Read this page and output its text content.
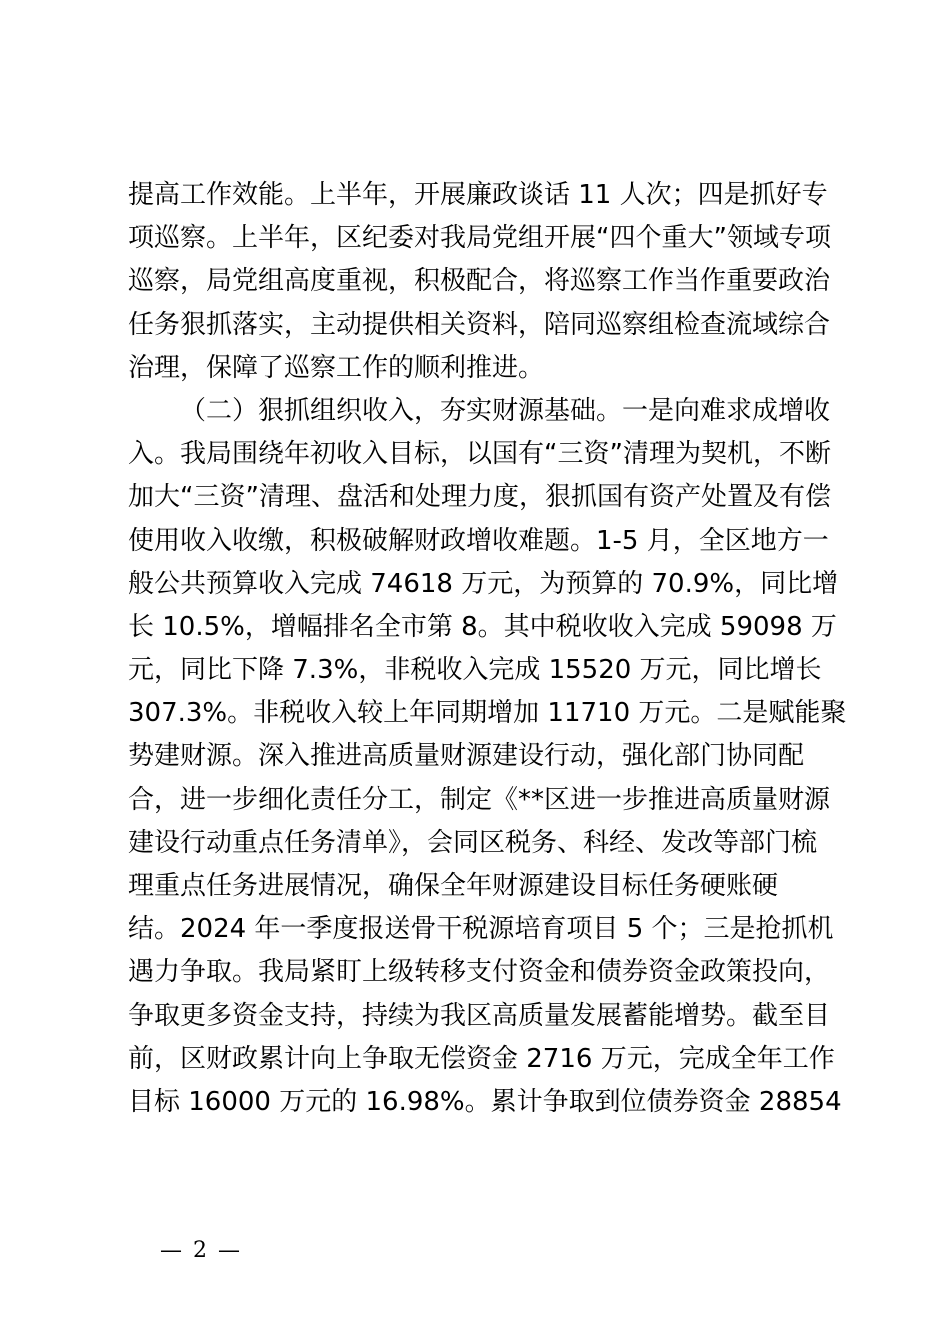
提高工作效能。上半年，开展廉政谈话 11 人次；四是抓好专
项巡察。上半年，区纪委对我局党组开展“四个重大”领域专项
巡察，局党组高度重视，积极配合，将巡察工作当作重要政治
任务狠抓落实，主动提供相关资料，陪同巡察组检查流域综合
治理，保障了巡察工作的顺利推进。
（二）狠抓组织收入，夯实财源基础。一是向难求成增收
入。我局围绕年初收入目标，以国有“三资”清理为契机，不断
加大“三资”清理、盘活和处理力度，狠抓国有资产处置及有偿
使用收入收缴，积极破解财政增收难题。1-5 月，全区地方一
般公共预算收入完成 74618 万元，为预算的 70.9%，同比增
长 10.5%，增幅排名全市第 8。其中税收收入完成 59098 万
元，同比下降 7.3%，非税收入完成 15520 万元，同比增长
307.3%。非税收入较上年同期增加 11710 万元。二是赋能聚
势建财源。深入推进高质量财源建设行动，强化部门协同配
合，进一步细化责任分工，制定《**区进一步推进高质量财源
建设行动重点任务清单》，会同区税务、科经、发改等部门梳
理重点任务进展情况，确保全年财源建设目标任务硬账硬
结。2024 年一季度报送骨干税源培育项目 5 个；三是抢抓机
遇力争取。我局紧盯上级转移支付资金和债券资金政策投向，
争取更多资金支持，持续为我区高质量发展蓄能增势。截至目
前，区财政累计向上争取无偿资金 2716 万元，完成全年工作
目标 16000 万元的 16.98%。累计争取到位债券资金 28854
— 2 —
